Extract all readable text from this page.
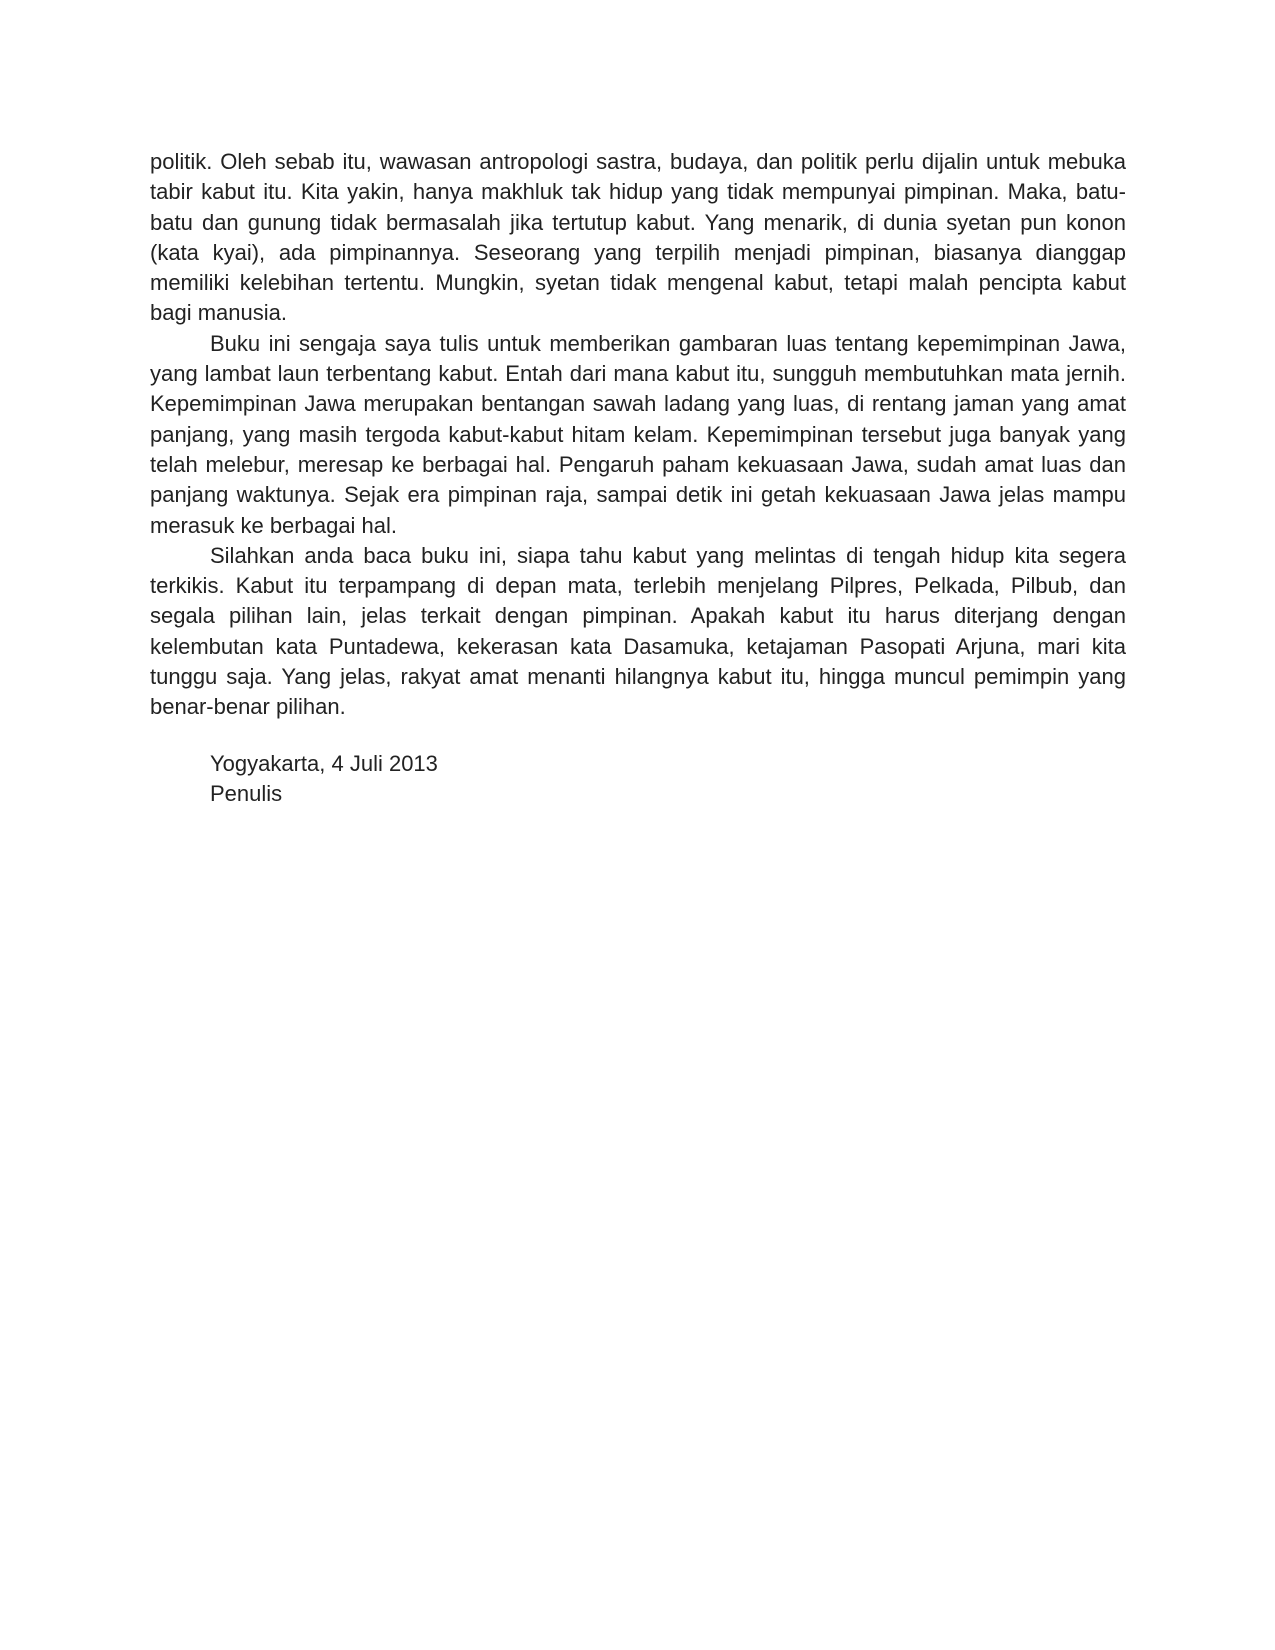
politik. Oleh sebab itu, wawasan antropologi sastra, budaya, dan politik perlu dijalin untuk mebuka tabir kabut itu. Kita yakin, hanya makhluk tak hidup yang tidak mempunyai pimpinan. Maka, batu-batu dan gunung tidak bermasalah jika tertutup kabut. Yang menarik, di dunia syetan pun konon (kata kyai), ada pimpinannya. Seseorang yang terpilih menjadi pimpinan, biasanya dianggap memiliki kelebihan tertentu. Mungkin, syetan tidak mengenal kabut, tetapi malah pencipta kabut bagi manusia.

Buku ini sengaja saya tulis untuk memberikan gambaran luas tentang kepemimpinan Jawa, yang lambat laun terbentang kabut. Entah dari mana kabut itu, sungguh membutuhkan mata jernih. Kepemimpinan Jawa merupakan bentangan sawah ladang yang luas, di rentang jaman yang amat panjang, yang masih tergoda kabut-kabut hitam kelam. Kepemimpinan tersebut juga banyak yang telah melebur, meresap ke berbagai hal. Pengaruh paham kekuasaan Jawa, sudah amat luas dan panjang waktunya. Sejak era pimpinan raja, sampai detik ini getah kekuasaan Jawa jelas mampu merasuk ke berbagai hal.

Silahkan anda baca buku ini, siapa tahu kabut yang melintas di tengah hidup kita segera terkikis. Kabut itu terpampang di depan mata, terlebih menjelang Pilpres, Pelkada, Pilbub, dan segala pilihan lain, jelas terkait dengan pimpinan. Apakah kabut itu harus diterjang dengan kelembutan kata Puntadewa, kekerasan kata Dasamuka, ketajaman Pasopati Arjuna, mari kita tunggu saja. Yang jelas, rakyat amat menanti hilangnya kabut itu, hingga muncul pemimpin yang benar-benar pilihan.

Yogyakarta, 4 Juli 2013
Penulis
